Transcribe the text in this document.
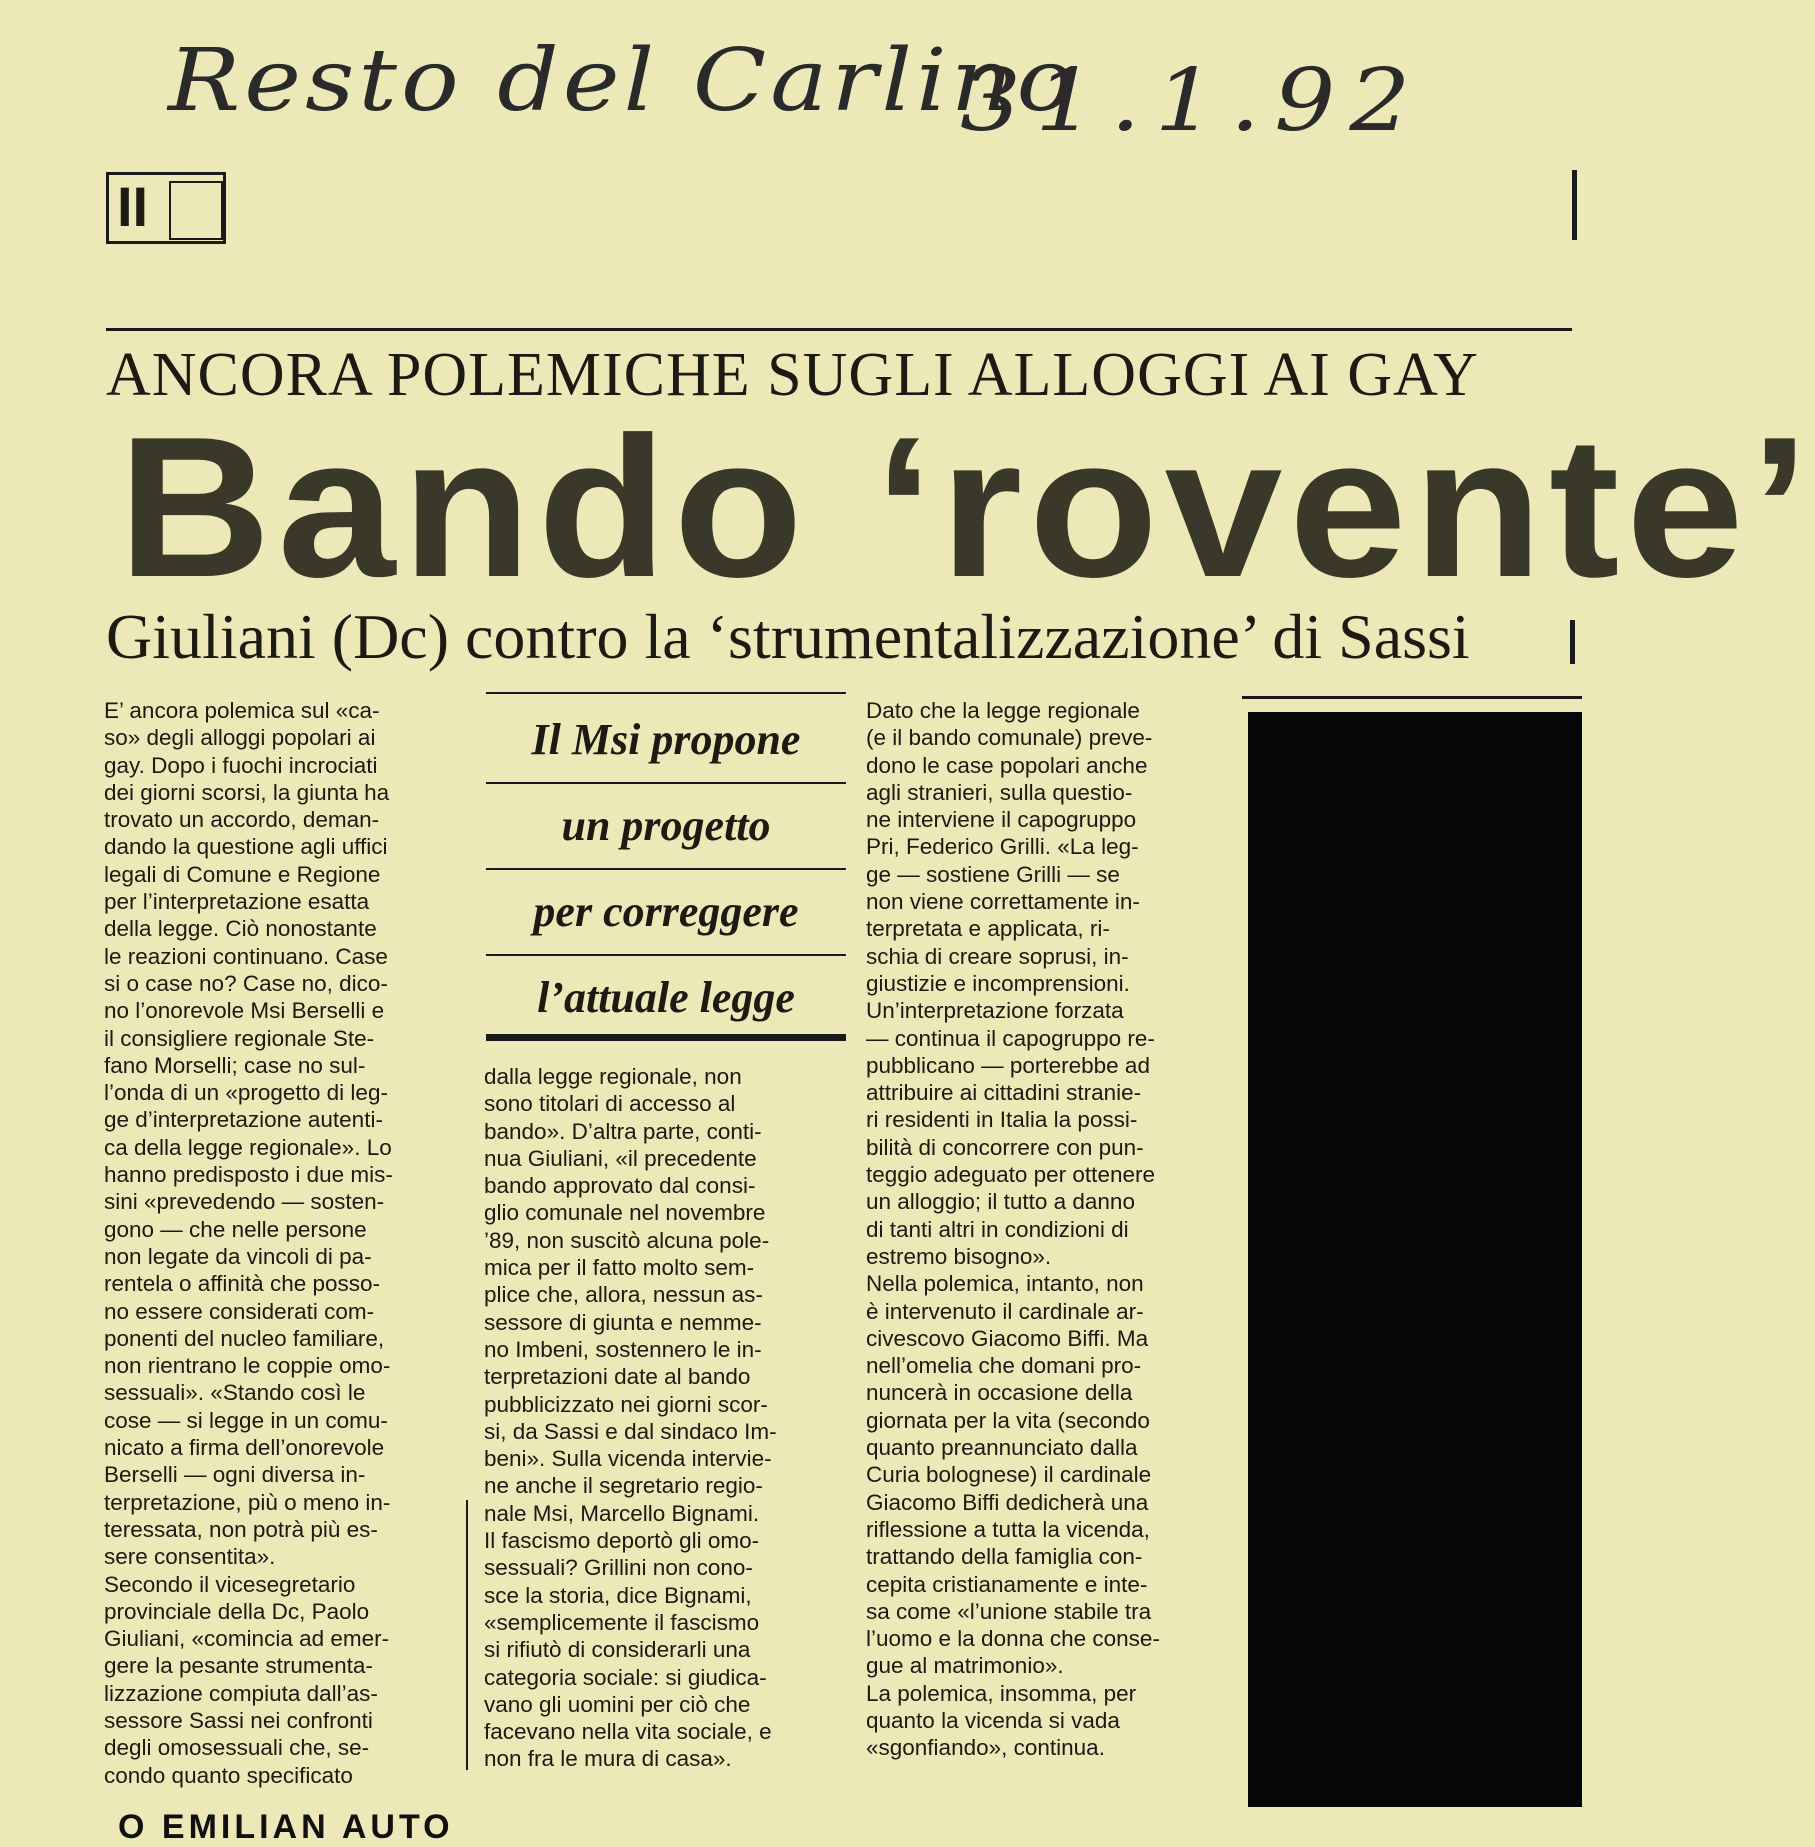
Resto del Carlino
31.1.92
II
ANCORA POLEMICHE SUGLI ALLOGGI AI GAY
Bando ‘rovente’
Giuliani (Dc) contro la ‘strumentalizzazione’ di Sassi
E’ ancora polemica sul «ca-
so» degli alloggi popolari ai
gay. Dopo i fuochi incrociati
dei giorni scorsi, la giunta ha
trovato un accordo, deman-
dando la questione agli uffici
legali di Comune e Regione
per l’interpretazione esatta
della legge. Ciò nonostante
le reazioni continuano. Case
si o case no? Case no, dico-
no l’onorevole Msi Berselli e
il consigliere regionale Ste-
fano Morselli; case no sul-
l’onda di un «progetto di leg-
ge d’interpretazione autenti-
ca della legge regionale». Lo
hanno predisposto i due mis-
sini «prevedendo — sosten-
gono — che nelle persone
non legate da vincoli di pa-
rentela o affinità che posso-
no essere considerati com-
ponenti del nucleo familiare,
non rientrano le coppie omo-
sessuali». «Stando così le
cose — si legge in un comu-
nicato a firma dell’onorevole
Berselli — ogni diversa in-
terpretazione, più o meno in-
teressata, non potrà più es-
sere consentita».
Secondo il vicesegretario
provinciale della Dc, Paolo
Giuliani, «comincia ad emer-
gere la pesante strumenta-
lizzazione compiuta dall’as-
sessore Sassi nei confronti
degli omosessuali che, se-
condo quanto specificato
Il Msi propone
un progetto
per correggere
l’attuale legge
dalla legge regionale, non
sono titolari di accesso al
bando». D’altra parte, conti-
nua Giuliani, «il precedente
bando approvato dal consi-
glio comunale nel novembre
’89, non suscitò alcuna pole-
mica per il fatto molto sem-
plice che, allora, nessun as-
sessore di giunta e nemme-
no Imbeni, sostennero le in-
terpretazioni date al bando
pubblicizzato nei giorni scor-
si, da Sassi e dal sindaco Im-
beni». Sulla vicenda intervie-
ne anche il segretario regio-
nale Msi, Marcello Bignami.
Il fascismo deportò gli omo-
sessuali? Grillini non cono-
sce la storia, dice Bignami,
«semplicemente il fascismo
si rifiutò di considerarli una
categoria sociale: si giudica-
vano gli uomini per ciò che
facevano nella vita sociale, e
non fra le mura di casa».
Dato che la legge regionale
(e il bando comunale) preve-
dono le case popolari anche
agli stranieri, sulla questio-
ne interviene il capogruppo
Pri, Federico Grilli. «La leg-
ge — sostiene Grilli — se
non viene correttamente in-
terpretata e applicata, ri-
schia di creare soprusi, in-
giustizie e incomprensioni.
Un’interpretazione forzata
— continua il capogruppo re-
pubblicano — porterebbe ad
attribuire ai cittadini stranie-
ri residenti in Italia la possi-
bilità di concorrere con pun-
teggio adeguato per ottenere
un alloggio; il tutto a danno
di tanti altri in condizioni di
estremo bisogno».
Nella polemica, intanto, non
è intervenuto il cardinale ar-
civescovo Giacomo Biffi. Ma
nell’omelia che domani pro-
nuncerà in occasione della
giornata per la vita (secondo
quanto preannunciato dalla
Curia bolognese) il cardinale
Giacomo Biffi dedicherà una
riflessione a tutta la vicenda,
trattando della famiglia con-
cepita cristianamente e inte-
sa come «l’unione stabile tra
l’uomo e la donna che conse-
gue al matrimonio».
La polemica, insomma, per
quanto la vicenda si vada
«sgonfiando», continua.
O EMILIAN AUTO
